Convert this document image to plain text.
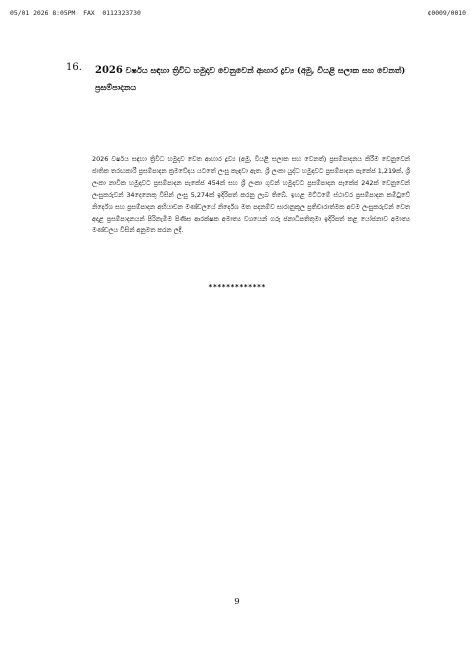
05/01 2026 8:05PM  FAX  0112323730	¢0009/0010
16. 2026 වර්ෂය සඳහා ත්‍රිවිධ හමුදාව වෙනුවෙන් ආහාර ද්‍රව්‍ය (අමු, වියළි සලාක සහ වෙනත්) ප්‍රසම්පාදනය

2026 වර්ෂය සඳහා ත්‍රිවිධ හමුදාව වෙත ආහාර ද්‍රව්‍ය (අමු, වියළි සලාක සහ වෙනත්) ප්‍රසම්පාදනය කිරීම වෙනුවෙන් ජාතික තරඟකාරී ප්‍රසම්පාදන ක්‍රමවේදය යටතේ ලංසු කැඳවා ඇත. ශ්‍රී ලංකා යුද්ධ හමුදාවට ප්‍රසම්පාදන පැකේජ 1,219ක්, ශ්‍රී ලංකා නාවික හමුදාවට ප්‍රසම්පාදන පැකේජ 454ක් සහ ශ්‍රී ලංකා ගුවන් හමුදාවට ප්‍රසම්පාදන පැකේජ 242ක් වෙනුවෙන් ලංසුකරුවන් 34දෙනෙකු විසින් ලංසු 5,274ක් ඉදිරිපත් කරනු ලැබ තිබේ. ඉහළ මට්ටමේ ස්ථාවර ප්‍රසම්පාදන කමිටුවේ නිර්දේශ සහ ප්‍රසම්පාදන අභියාචන මණ්ඩලයේ නිර්දේශ මත පදනම්ව සාරානුකූල ප්‍රතිචාරාත්මක අවම ලංසුකරුවන් වෙත අදාළ ප්‍රසම්පාදනයන් පිරිනැමීම පිණිස ආරක්ෂක අමාත්‍ය වශයෙන් ගරු ජනාධිපතිතුමා ඉදිරිපත් කළ යෝජනාව අමාත්‍ය මණ්ඩලය විසින් අනුමත කරන ලදී.

*************
9
